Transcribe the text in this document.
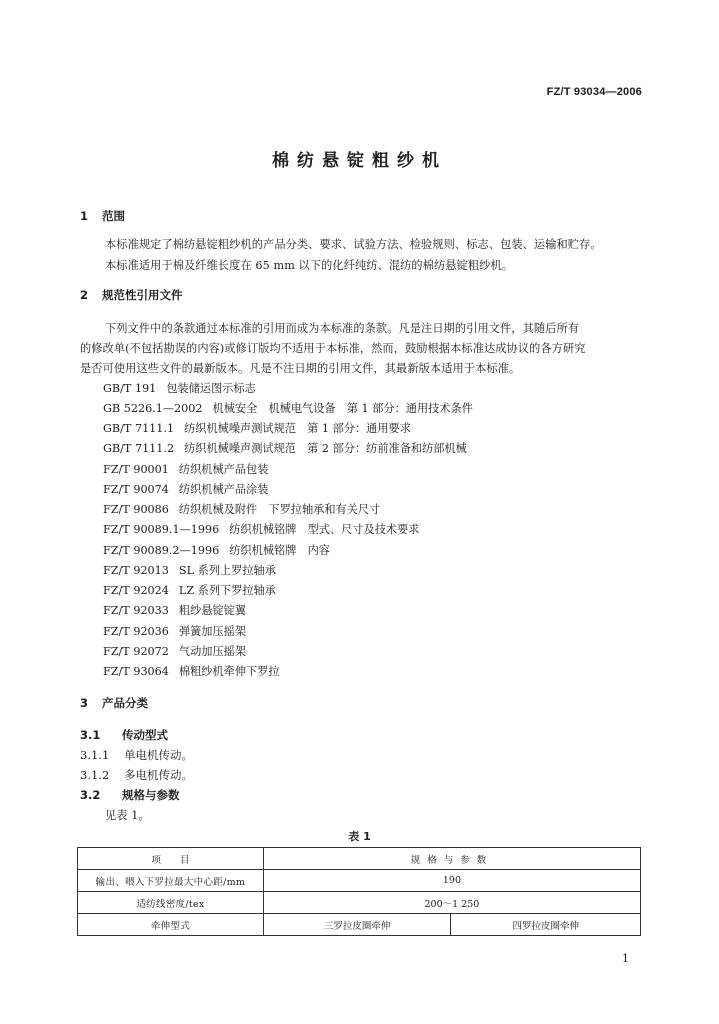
FZ/T 93034—2006
棉纺悬锭粗纱机
1 范围
本标准规定了棉纺悬锭粗纱机的产品分类、要求、试验方法、检验规则、标志、包装、运输和贮存。
本标准适用于棉及纤维长度在 65 mm 以下的化纤纯纺、混纺的棉纺悬锭粗纱机。
2 规范性引用文件
下列文件中的条款通过本标准的引用而成为本标准的条款。凡是注日期的引用文件，其随后所有
的修改单(不包括勘误的内容)或修订版均不适用于本标准，然而，鼓励根据本标准达成协议的各方研究
是否可使用这些文件的最新版本。凡是不注日期的引用文件，其最新版本适用于本标准。
GB/T 191 包装储运图示标志
GB 5226.1—2002 机械安全　机械电气设备　第 1 部分：通用技术条件
GB/T 7111.1 纺织机械噪声测试规范　第 1 部分：通用要求
GB/T 7111.2 纺织机械噪声测试规范　第 2 部分：纺前准备和纺部机械
FZ/T 90001 纺织机械产品包装
FZ/T 90074 纺织机械产品涂装
FZ/T 90086 纺织机械及附件　下罗拉轴承和有关尺寸
FZ/T 90089.1—1996 纺织机械铭牌　型式、尺寸及技术要求
FZ/T 90089.2—1996 纺织机械铭牌　内容
FZ/T 92013 SL 系列上罗拉轴承
FZ/T 92024 LZ 系列下罗拉轴承
FZ/T 92033 粗纱悬锭锭翼
FZ/T 92036 弹簧加压摇架
FZ/T 92072 气动加压摇架
FZ/T 93064 棉粗纱机牵伸下罗拉
3 产品分类
3.1 传动型式
3.1.1 单电机传动。
3.1.2 多电机传动。
3.2 规格与参数
见表 1。
表 1
项　　目	规格与参数	
输出、喂入下罗拉最大中心距/mm	190	
适纺线密度/tex	200～1 250	
牵伸型式	三罗拉皮圈牵伸	四罗拉皮圈牵伸
1
